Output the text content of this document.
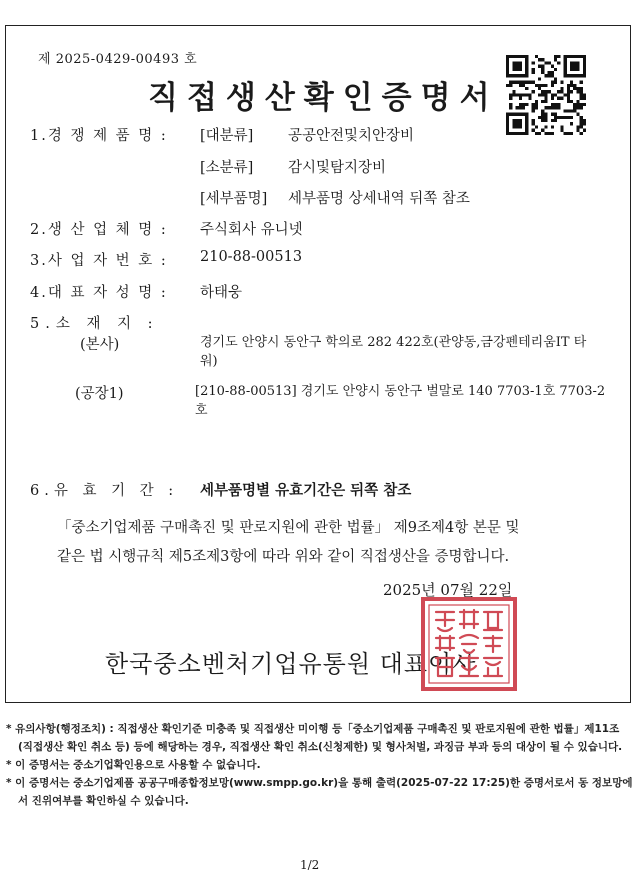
제 2025-0429-00493 호
직접생산확인증명서
1.경 쟁 제 품 명 : [대분류] 공공안전및치안장비
[소분류] 감시및탐지장비
[세부품명] 세부품명 상세내역 뒤쪽 참조
2.생 산 업 체 명 : 주식회사 유니넷
3.사 업 자 번 호 : 210-88-00513
4.대 표 자 성 명 : 하태웅
5.소 재 지 :
(본사)	경기도 안양시 동안구 학의로 282 422호(관양동,금강펜테리움IT 타워)
(공장1)	[210-88-00513] 경기도 안양시 동안구 벌말로 140 7703-1호 7703-2호
6.유 효 기 간 : 세부품명별 유효기간은 뒤쪽 참조
「중소기업제품 구매촉진 및 판로지원에 관한 법률」 제9조제4항 본문 및
같은 법 시행규칙 제5조제3항에 따라 위와 같이 직접생산을 증명합니다.
2025년 07월 22일
한국중소벤처기업유통원 대표이사
* 유의사항(행정조치) : 직접생산 확인기준 미충족 및 직접생산 미이행 등「중소기업제품 구매촉진 및 판로지원에 관한 법률」제11조(직접생산 확인 취소 등) 등에 해당하는 경우, 직접생산 확인 취소(신청제한) 및 형사처벌, 과징금 부과 등의 대상이 될 수 있습니다.
* 이 증명서는 중소기업확인용으로 사용할 수 없습니다.
* 이 증명서는 중소기업제품 공공구매종합정보망(www.smpp.go.kr)을 통해 출력(2025-07-22 17:25)한 증명서로서 동 정보망에서 진위여부를 확인하실 수 있습니다.
1/2
